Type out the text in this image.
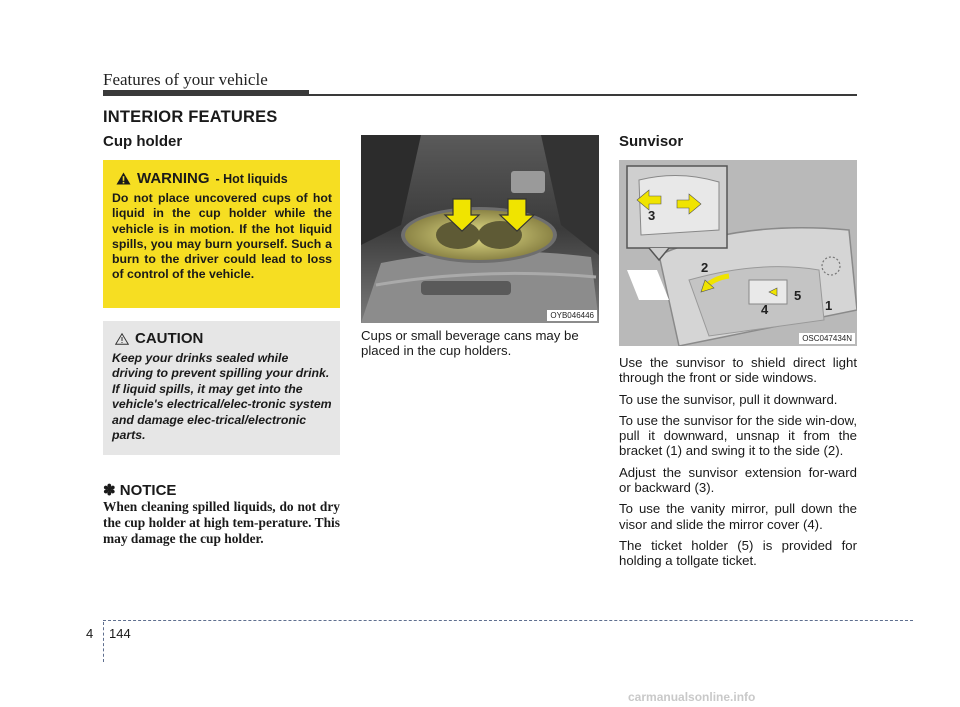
Features of your vehicle
INTERIOR FEATURES
Cup holder
WARNING - Hot liquids
Do not place uncovered cups of hot liquid in the cup holder while the vehicle is in motion. If the hot liquid spills, you may burn yourself. Such a burn to the driver could lead to loss of control of the vehicle.
CAUTION
Keep your drinks sealed while driving to prevent spilling your drink. If liquid spills, it may get into the vehicle's electrical/elec-tronic system and damage elec-trical/electronic parts.
✽ NOTICE
When cleaning spilled liquids, do not dry the cup holder at high tem-perature. This may damage the cup holder.
OYB046446
Cups or small beverage cans may be placed in the cup holders.
Sunvisor
3
2
4
5
1
OSC047434N

Use the sunvisor to shield direct light through the front or side windows.

To use the sunvisor, pull it downward.

To use the sunvisor for the side win-dow, pull it downward, unsnap it from the bracket (1) and swing it to the side (2).

Adjust the sunvisor extension for-ward or backward (3).

To use the vanity mirror, pull down the visor and slide the mirror cover (4).

The ticket holder (5) is provided for holding a tollgate ticket.

4 144
carmanualsonline.info
